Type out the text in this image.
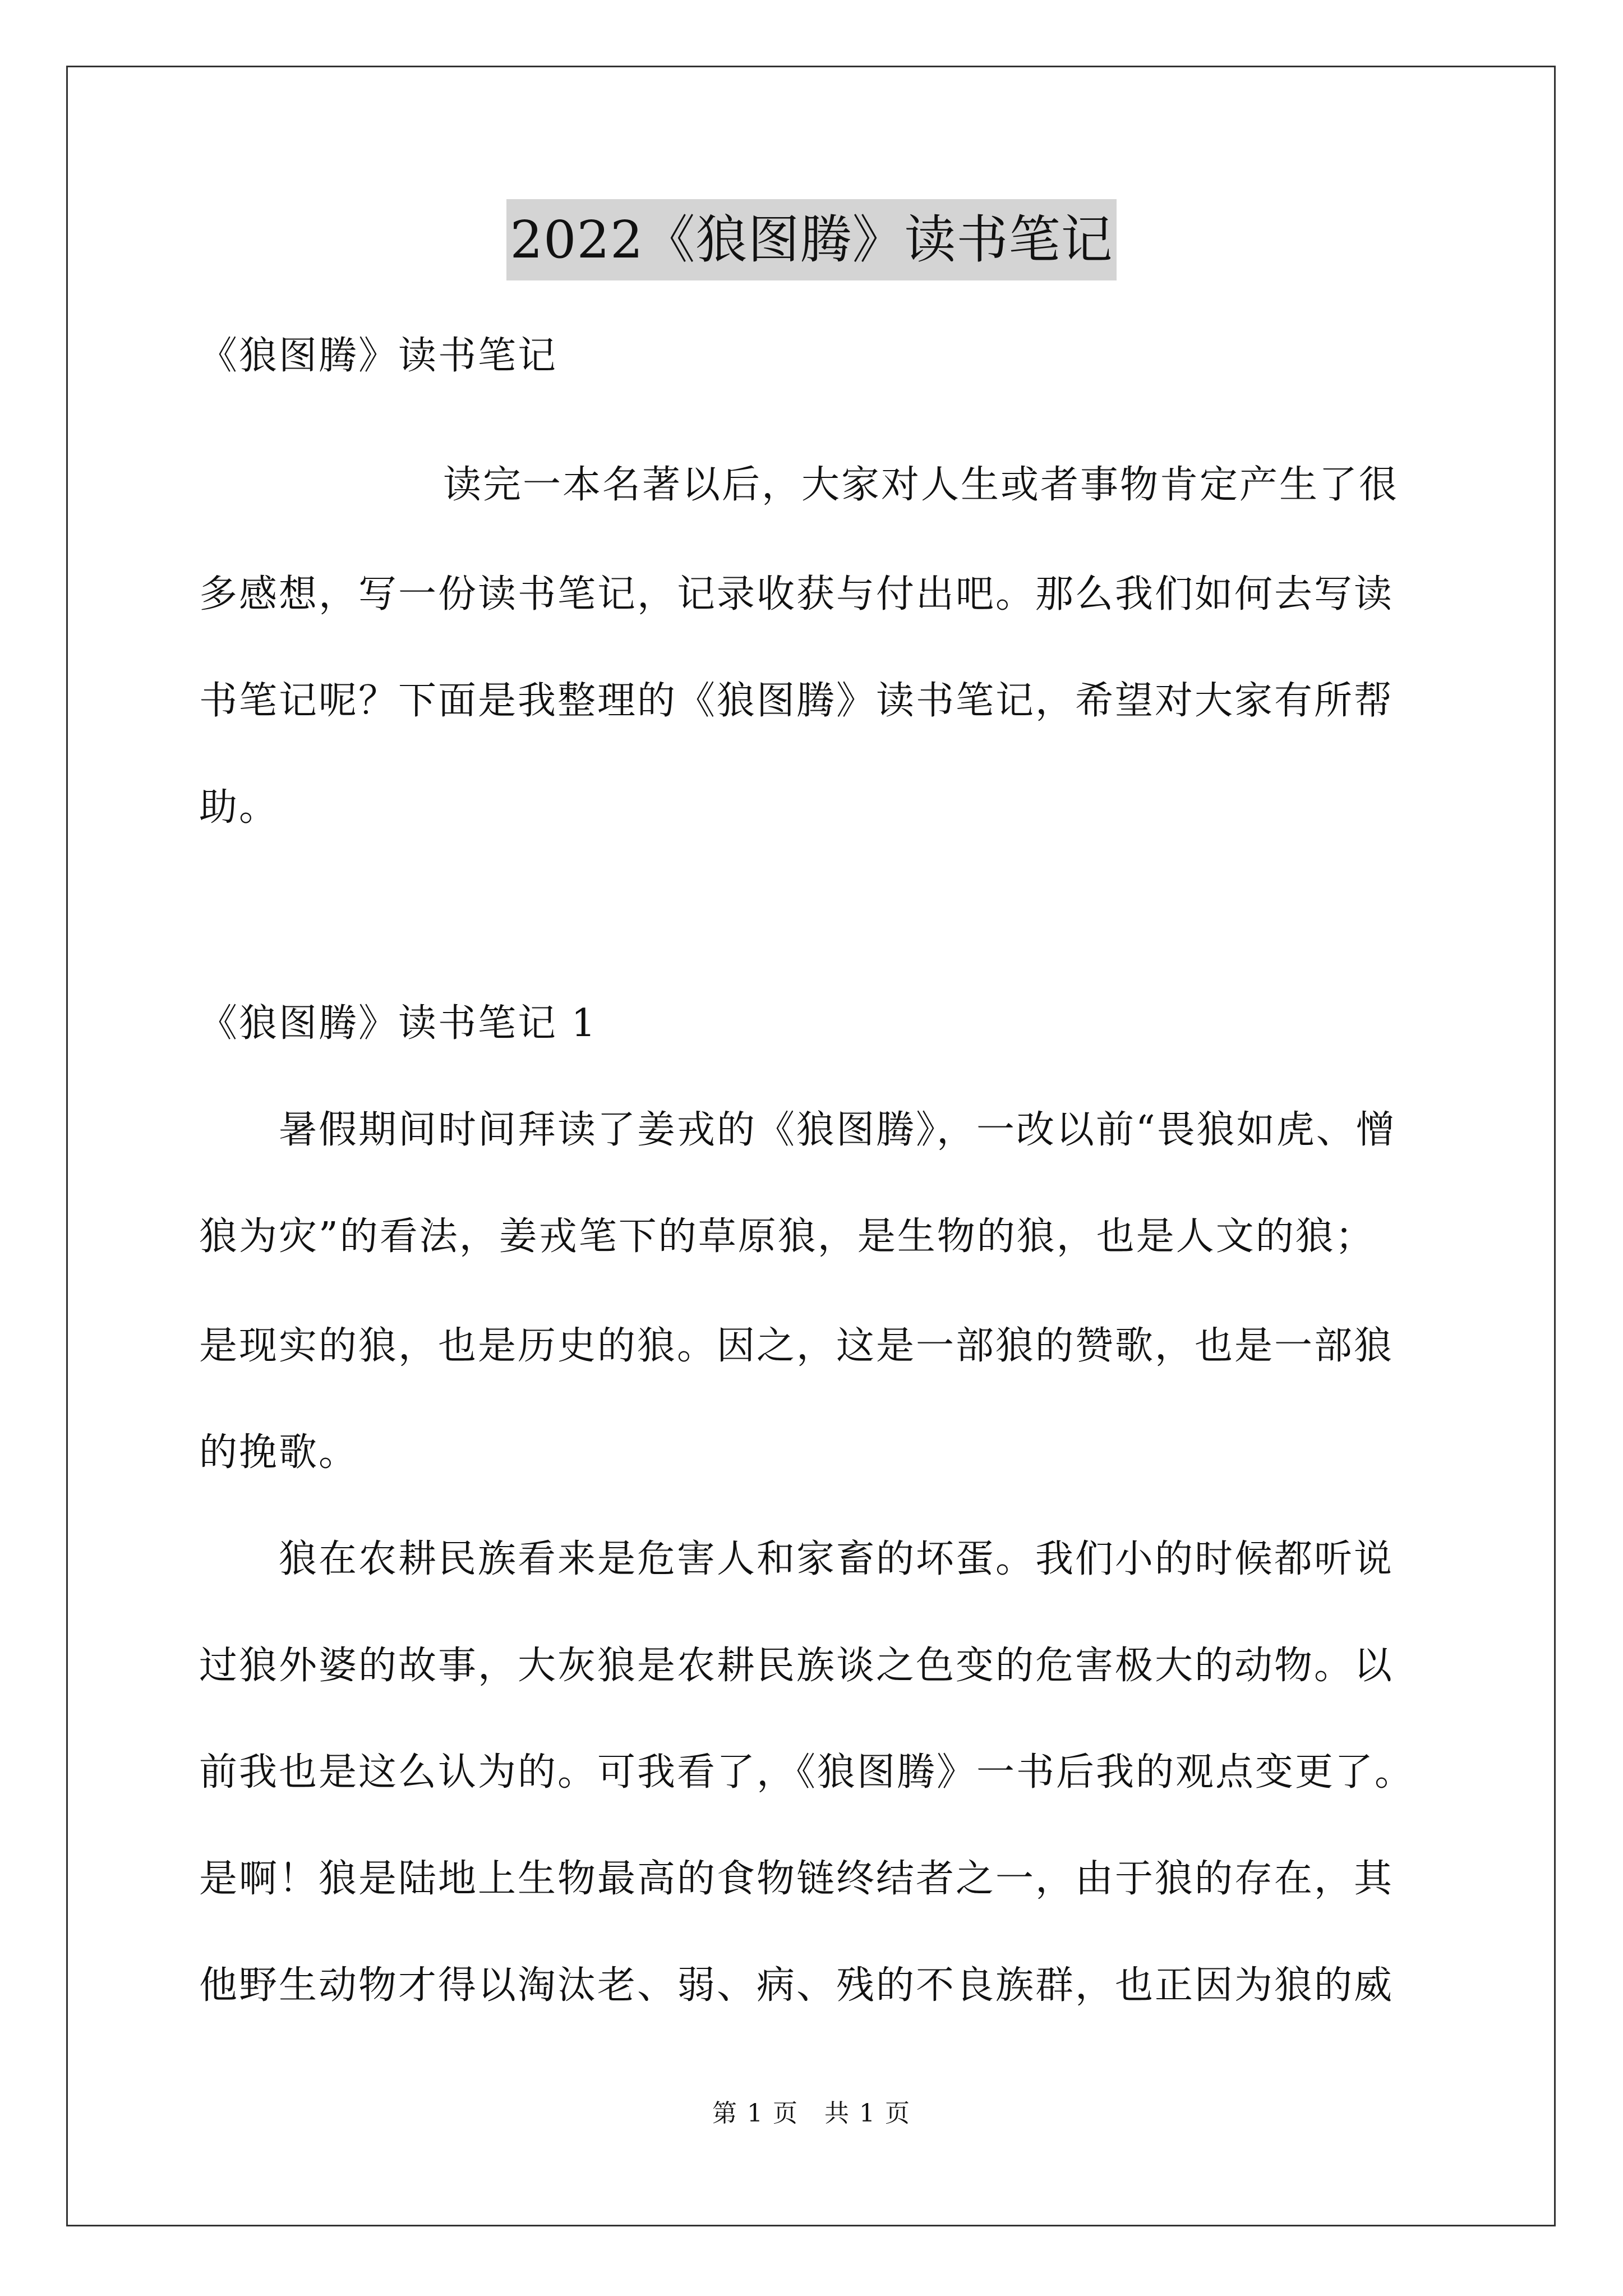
2022《狼图腾》读书笔记
《狼图腾》读书笔记
读完一本名著以后，大家对人生或者事物肯定产生了很
多感想，写一份读书笔记，记录收获与付出吧。那么我们如何去写读
书笔记呢？下面是我整理的《狼图腾》读书笔记，希望对大家有所帮
助。
《狼图腾》读书笔记 1
暑假期间时间拜读了姜戎的《狼图腾》，一改以前“畏狼如虎、憎
狼为灾”的看法，姜戎笔下的草原狼，是生物的狼，也是人文的狼；
是现实的狼，也是历史的狼。因之，这是一部狼的赞歌，也是一部狼
的挽歌。
狼在农耕民族看来是危害人和家畜的坏蛋。我们小的时候都听说
过狼外婆的故事，大灰狼是农耕民族谈之色变的危害极大的动物。以
前我也是这么认为的。可我看了，《狼图腾》一书后我的观点变更了。
是啊！狼是陆地上生物最高的食物链终结者之一，由于狼的存在，其
他野生动物才得以淘汰老、弱、病、残的不良族群，也正因为狼的威
第 1 页　共 1 页
